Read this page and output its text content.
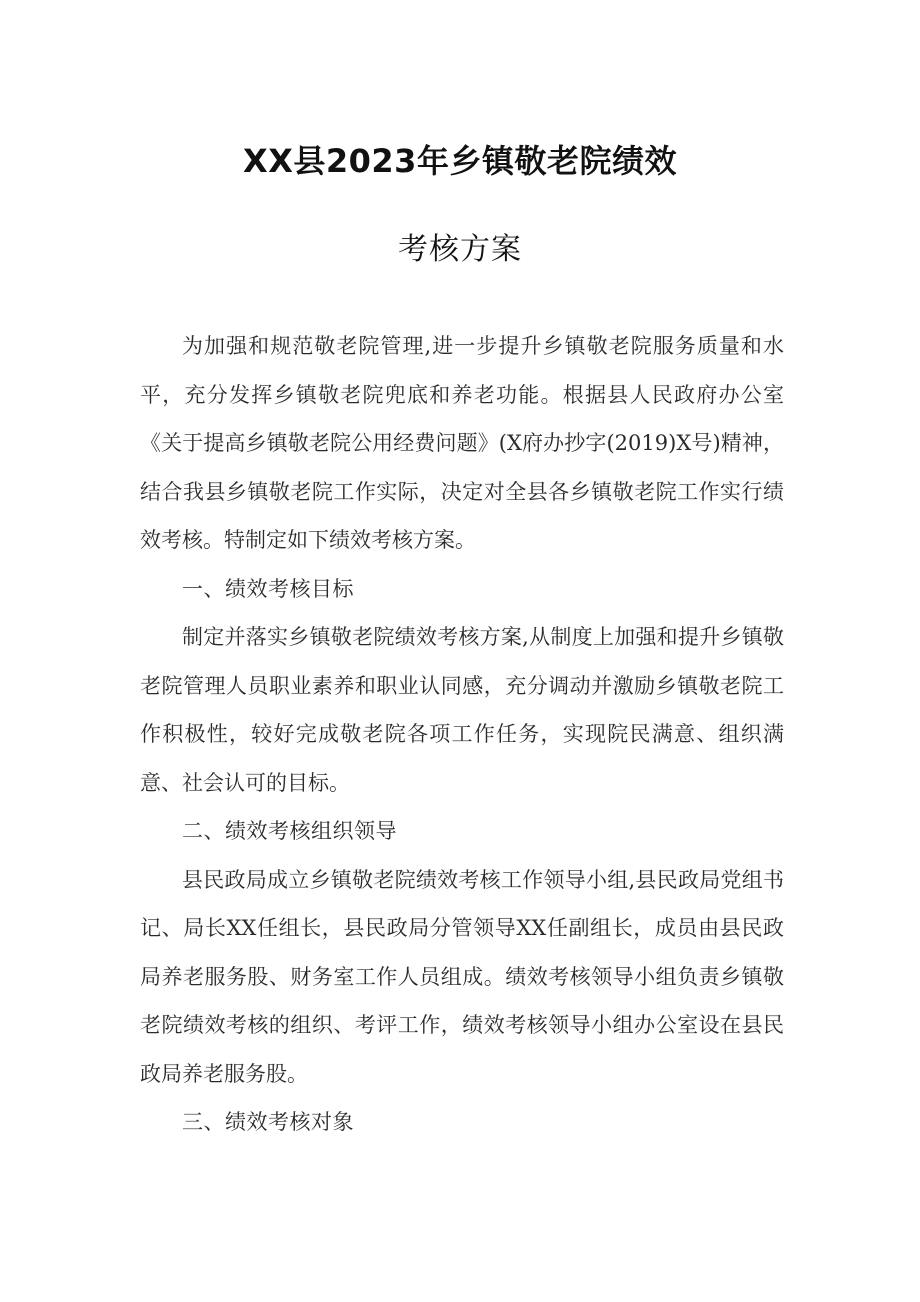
XX县2023年乡镇敬老院绩效
考核方案

为加强和规范敬老院管理,进一步提升乡镇敬老院服务质量和水平，充分发挥乡镇敬老院兜底和养老功能。根据县人民政府办公室《关于提高乡镇敬老院公用经费问题》(X府办抄字(2019)X号)精神，结合我县乡镇敬老院工作实际，决定对全县各乡镇敬老院工作实行绩效考核。特制定如下绩效考核方案。

一、绩效考核目标

制定并落实乡镇敬老院绩效考核方案,从制度上加强和提升乡镇敬老院管理人员职业素养和职业认同感，充分调动并激励乡镇敬老院工作积极性，较好完成敬老院各项工作任务，实现院民满意、组织满意、社会认可的目标。

二、绩效考核组织领导

县民政局成立乡镇敬老院绩效考核工作领导小组,县民政局党组书记、局长XX任组长，县民政局分管领导XX任副组长，成员由县民政局养老服务股、财务室工作人员组成。绩效考核领导小组负责乡镇敬老院绩效考核的组织、考评工作，绩效考核领导小组办公室设在县民政局养老服务股。

三、绩效考核对象
